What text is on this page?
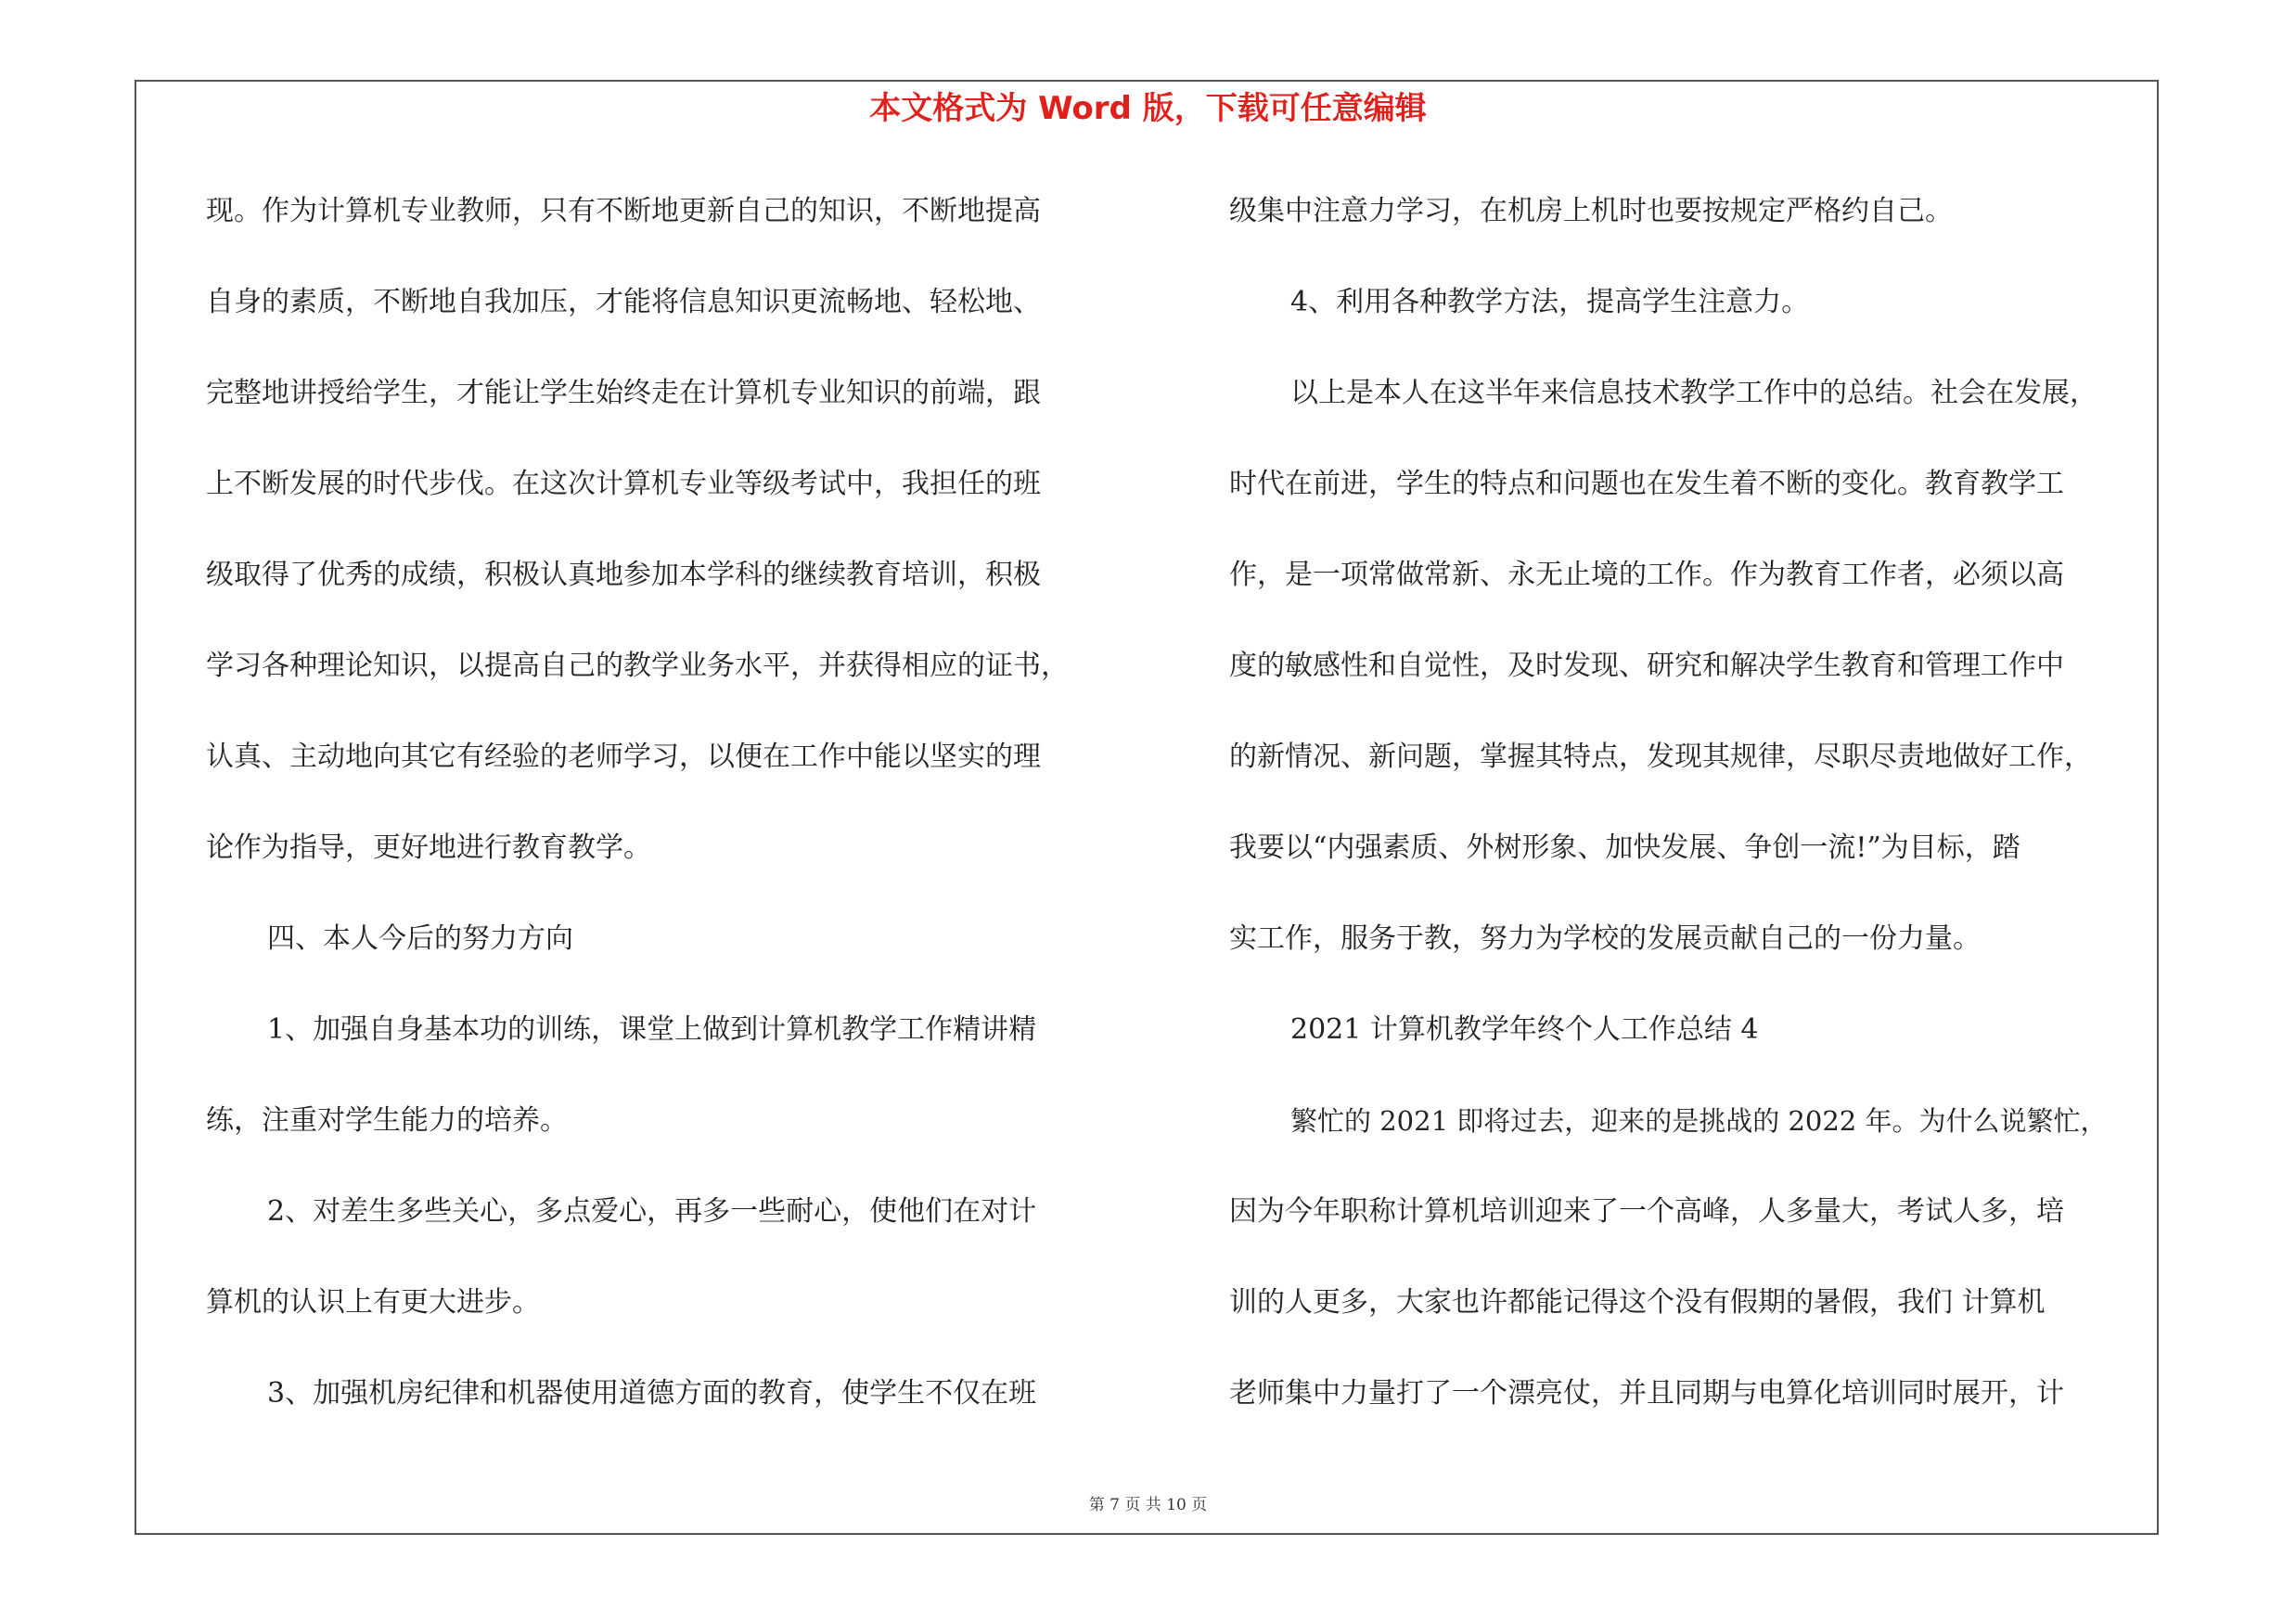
本文格式为 Word 版，下载可任意编辑
现。作为计算机专业教师，只有不断地更新自己的知识，不断地提高
自身的素质，不断地自我加压，才能将信息知识更流畅地、轻松地、
完整地讲授给学生，才能让学生始终走在计算机专业知识的前端，跟
上不断发展的时代步伐。在这次计算机专业等级考试中，我担任的班
级取得了优秀的成绩，积极认真地参加本学科的继续教育培训，积极
学习各种理论知识，以提高自己的教学业务水平，并获得相应的证书，
认真、主动地向其它有经验的老师学习，以便在工作中能以坚实的理
论作为指导，更好地进行教育教学。
四、本人今后的努力方向
1、加强自身基本功的训练，课堂上做到计算机教学工作精讲精
练，注重对学生能力的培养。
2、对差生多些关心，多点爱心，再多一些耐心，使他们在对计
算机的认识上有更大进步。
3、加强机房纪律和机器使用道德方面的教育，使学生不仅在班
级集中注意力学习，在机房上机时也要按规定严格约自己。
4、利用各种教学方法，提高学生注意力。
以上是本人在这半年来信息技术教学工作中的总结。社会在发展，
时代在前进，学生的特点和问题也在发生着不断的变化。教育教学工
作，是一项常做常新、永无止境的工作。作为教育工作者，必须以高
度的敏感性和自觉性，及时发现、研究和解决学生教育和管理工作中
的新情况、新问题，掌握其特点，发现其规律，尽职尽责地做好工作，
我要以“内强素质、外树形象、加快发展、争创一流!”为目标，踏
实工作，服务于教，努力为学校的发展贡献自己的一份力量。
2021 计算机教学年终个人工作总结 4
繁忙的 2021 即将过去，迎来的是挑战的 2022 年。为什么说繁忙，
因为今年职称计算机培训迎来了一个高峰，人多量大，考试人多，培
训的人更多，大家也许都能记得这个没有假期的暑假，我们 计算机
老师集中力量打了一个漂亮仗，并且同期与电算化培训同时展开，计
第 7 页 共 10 页
